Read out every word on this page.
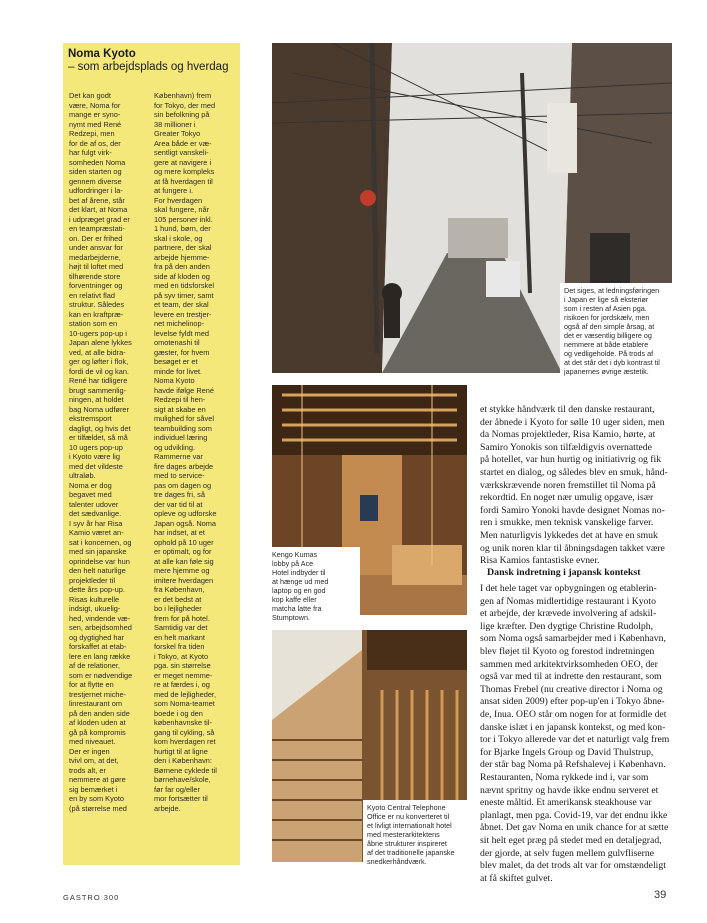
Noma Kyoto
– som arbejdsplads og hverdag
Det kan godt
være, Noma for
mange er syno-
nymt med René
Redzepi, men
for de af os, der
har fulgt virk-
somheden Noma
siden starten og
gennem diverse
udfordringer i la-
bet af årene, står
det klart, at Noma
i udpræget grad er
en teampræstati-
on. Der er frihed
under ansvar for
medarbejderne,
højt til loftet med
tilhørende store
forventninger og
en relativt flad
struktur. Således
kan en kraftpræ-
station som en
10-ugers pop-up i
Japan alene lykkes
ved, at alle bidra-
ger og løfter i flok,
fordi de vil og kan.
René har tidligere
brugt sammenlig-
ningen, at holdet
bag Noma udfører
ekstremsport
dagligt, og hvis det
er tilfældet, så må
10 ugers pop-up
i Kyoto være lig
med det vildeste
ultraløb.
Noma er dog
begavet med
talenter udover
det sædvanlige.
I syv år har Risa
Kamio været an-
sat i koncernen, og
med sin japanske
oprindelse var hun
den helt naturlige
projektleder til
dette års pop-up.
Risas kulturelle
indsigt, ukuelig-
hed, vindende væ-
sen, arbejdsomhed
og dygtighed har
forskaffet at etab-
lere en lang række
af de relationer,
som er nødvendige
for at flytte en
trestjernet miche-
linrestaurant om
på den anden side
af kloden uden at
gå på kompromis
med niveauet.
Der er ingen
tvivl om, at det,
trods alt, er
nemmere at gøre
sig bemærket i
en by som Kyoto
(på størrelse med
København) frem
for Tokyo, der med
sin befolkning på
38 millioner i
Greater Tokyo
Area både er væ-
sentligt vanskeli-
gere at navigere i
og mere kompleks
at få hverdagen til
at fungere i.
For hverdagen
skal fungere, når
105 personer inkl.
1 hund, børn, der
skal i skole, og
partnere, der skal
arbejde hjemme-
fra på den anden
side af kloden og
med en tidsforskel
på syv timer, samt
et team, der skal
levere en trestjer-
net michelinop-
levelse fyldt med
omotenashi til
gæster, for hvem
besøget er et
minde for livet.
Noma Kyoto
havde ifølge René
Redzepi til hen-
sigt at skabe en
mulighed for såvel
teambuilding som
individuel læring
og udvikling.
Rammerne var
fire dages arbejde
med to service-
pas om dagen og
tre dages fri, så
der var tid til at
opleve og udforske
Japan også. Noma
har indset, at et
ophold på 10 uger
er optimalt, og for
at alle kan føle sig
mere hjemme og
imitere hverdagen
fra København,
er det bedst at
bo i lejligheder
frem for på hotel.
Samtidig var det
en helt markant
forskel fra tiden
i Tokyo, at Kyoto
pga. sin størrelse
er meget nemme-
re at færdes i, og
med de lejligheder,
som Noma-teamet
boede i og den
københavnske til-
gang til cykling, så
kom hverdagen ret
hurtigt til at ligne
den i København:
Børnene cyklede til
børnehave/skole,
før far og/eller
mor fortsætter til
arbejde.
Det siges, at ledningsføringen
i Japan er lige så eksteriør
som i resten af Asien pga.
risikoen for jordskælv, men
også af den simple årsag, at
det er væsentlig billigere og
nemmere at både etablere
og vedligeholde. På trods af
at det står det i dyb kontrast til
japanernes øvrige æstetik.
Kengo Kumas
lobby på Ace
Hotel indbyder til
at hænge ud med
laptop og en god
kop kaffe eller
matcha latte fra
Stumptown.
Kyoto Central Telephone
Office er nu konverteret til
et livligt internationalt hotel
med mesterarkitektens
åbne strukturer inspireret
af det traditionelle japanske
snedkerhåndværk.
et stykke håndværk til den danske restaurant,
der åbnede i Kyoto for sølle 10 uger siden, men
da Nomas projektleder, Risa Kamio, hørte, at
Samiro Yonokis son tilfældigvis overnattede
på hotellet, var hun hurtig og initiativrig og fik
startet en dialog, og således blev en smuk, hånd-
værkskrævende noren fremstillet til Noma på
rekordtid. En noget nær umulig opgave, især
fordi Samiro Yonoki havde designet Nomas no-
ren i smukke, men teknisk vanskelige farver.
Men naturligvis lykkedes det at have en smuk
og unik noren klar til åbningsdagen takket være
Risa Kamios fantastiske evner.
Dansk indretning i japansk kontekst
I det hele taget var opbygningen og etablerin-
gen af Nomas midlertidige restaurant i Kyoto
et arbejde, der krævede involvering af adskil-
lige kræfter. Den dygtige Christine Rudolph,
som Noma også samarbejder med i København,
blev fløjet til Kyoto og forestod indretningen
sammen med arkitektvirksomheden OEO, der
også var med til at indrette den restaurant, som
Thomas Frebel (nu creative director i Noma og
ansat siden 2009) efter pop-up'en i Tokyo åbne-
de, Inua. OEO står om nogen for at formidle det
danske islæt i en japansk kontekst, og med kon-
tor i Tokyo allerede var det et naturligt valg frem
for Bjarke Ingels Group og David Thulstrup,
der står bag Noma på Refshalevej i København.
Restauranten, Noma rykkede ind i, var som
nævnt spritny og havde ikke endnu serveret et
eneste måltid. Et amerikansk steakhouse var
planlagt, men pga. Covid-19, var det endnu ikke
åbnet. Det gav Noma en unik chance for at sætte
sit helt eget præg på stedet med en detaljegrad,
der gjorde, at selv fugen mellem gulvfliserne
blev malet, da det trods alt var for omstændeligt
at få skiftet gulvet.
GASTRO 300	39
